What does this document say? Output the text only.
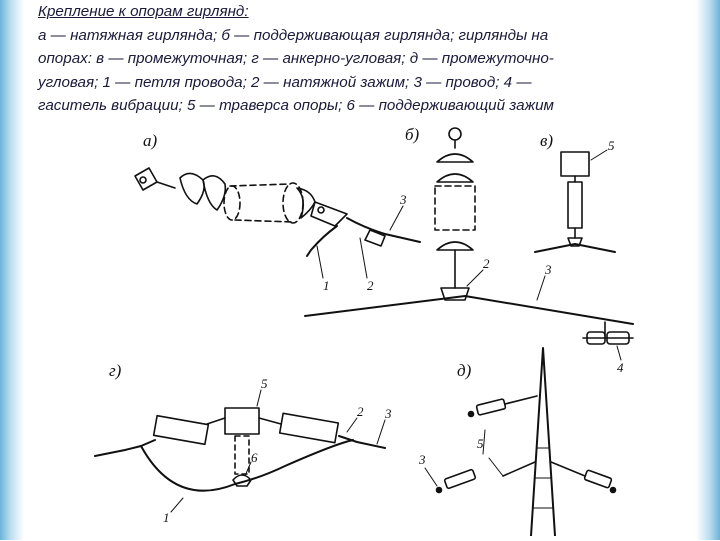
Крепление к опорам гирлянд:
а — натяжная гирлянда; б — поддерживающая гирлянда; гирлянды на
опорах: в — промежуточная; г — анкерно-угловая; д — промежуточно-
угловая; 1 — петля провода; 2 — натяжной зажим; 3 — провод; 4 —
гаситель вибрации; 5 — траверса опоры; 6 — поддерживающий зажим
а)
3
1	2
б)
2	3
4
в)	5
г)
5
2 3
6
1
д)
5
3
